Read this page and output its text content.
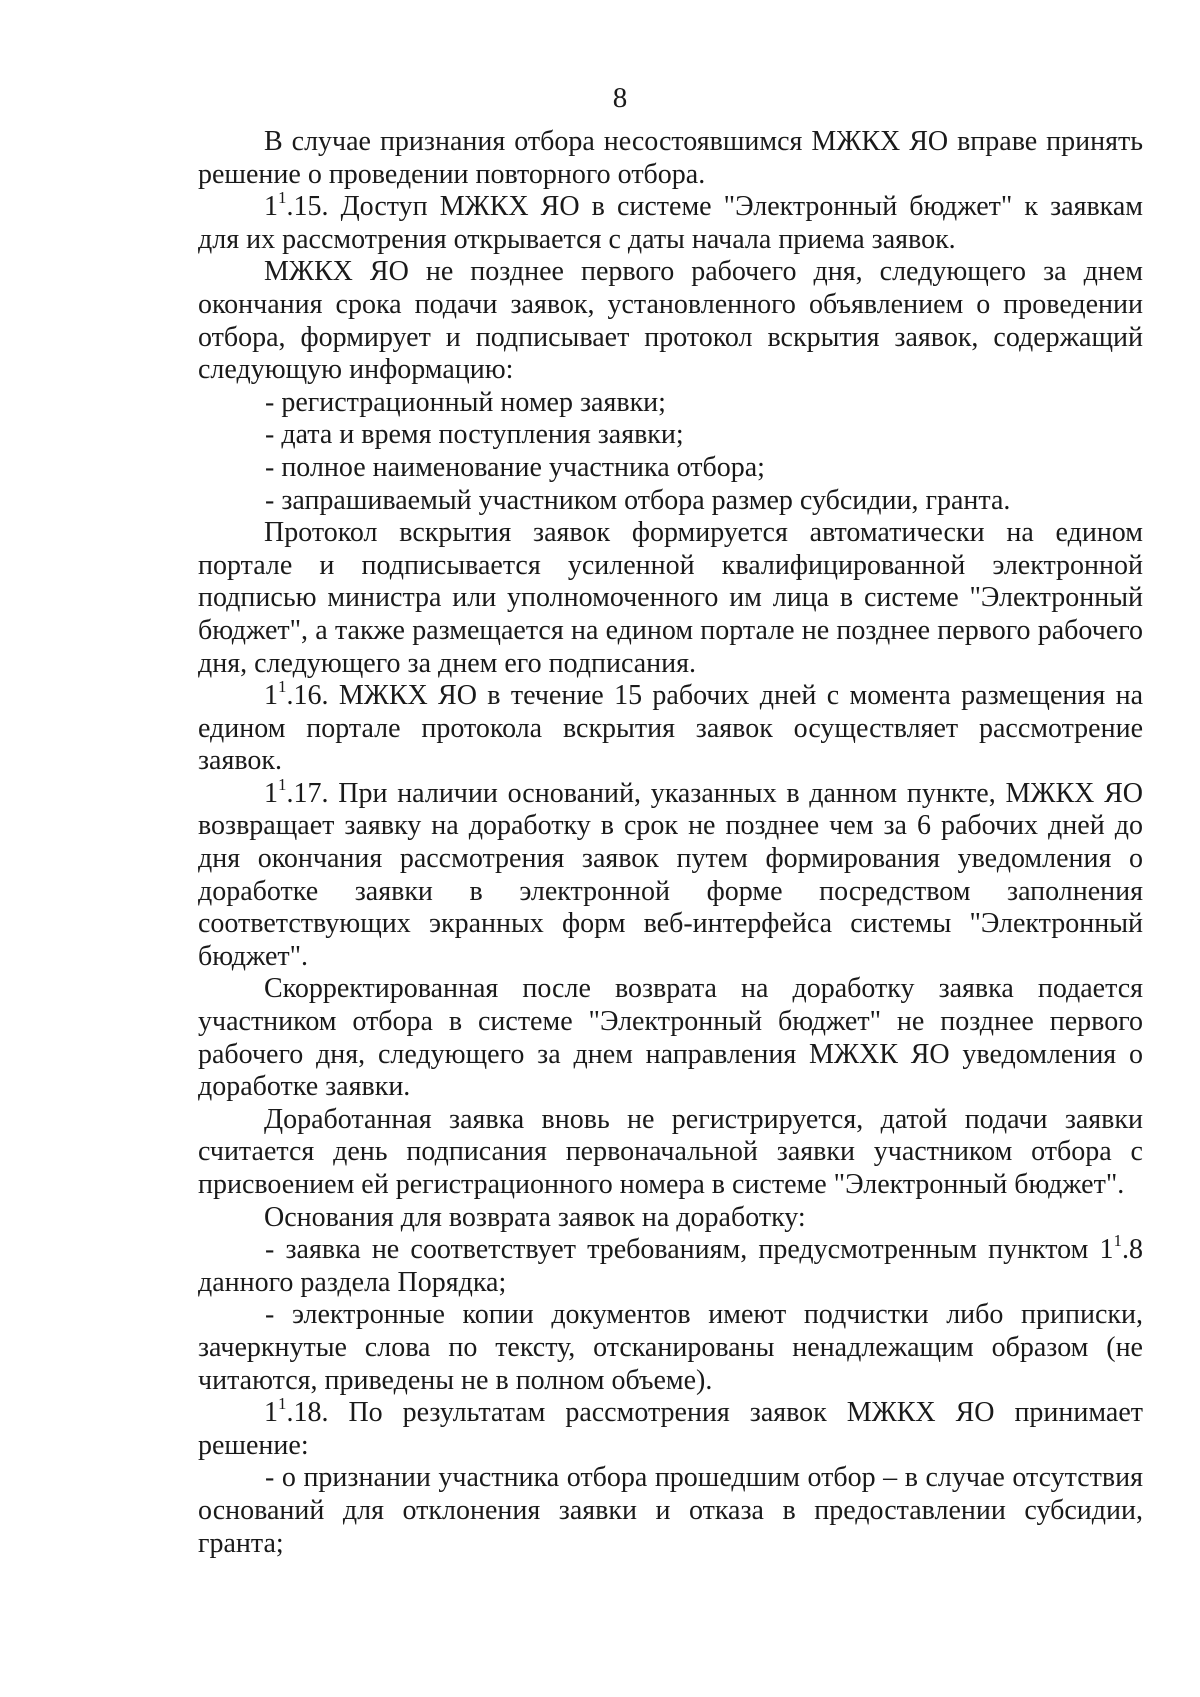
8

В случае признания отбора несостоявшимся МЖКХ ЯО вправе принять решение о проведении повторного отбора.

$1^1.15$. Доступ МЖКХ ЯО в системе "Электронный бюджет" к заявкам для их рассмотрения открывается с даты начала приема заявок.

МЖКХ ЯО не позднее первого рабочего дня, следующего за днем окончания срока подачи заявок, установленного объявлением о проведении отбора, формирует и подписывает протокол вскрытия заявок, содержащий следующую информацию:

- регистрационный номер заявки;

- дата и время поступления заявки;

- полное наименование участника отбора;

- запрашиваемый участником отбора размер субсидии, гранта.

Протокол вскрытия заявок формируется автоматически на едином портале и подписывается усиленной квалифицированной электронной подписью министра или уполномоченного им лица в системе "Электронный бюджет", а также размещается на едином портале не позднее первого рабочего дня, следующего за днем его подписания.

$1^1.16$. МЖКХ ЯО в течение 15 рабочих дней с момента размещения на едином портале протокола вскрытия заявок осуществляет рассмотрение заявок.

$1^1.17$. При наличии оснований, указанных в данном пункте, МЖКХ ЯО возвращает заявку на доработку в срок не позднее чем за 6 рабочих дней до дня окончания рассмотрения заявок путем формирования уведомления о доработке заявки в электронной форме посредством заполнения соответствующих экранных форм веб-интерфейса системы "Электронный бюджет".

Скорректированная после возврата на доработку заявка подается участником отбора в системе "Электронный бюджет" не позднее первого рабочего дня, следующего за днем направления МЖХК ЯО уведомления о доработке заявки.

Доработанная заявка вновь не регистрируется, датой подачи заявки считается день подписания первоначальной заявки участником отбора с присвоением ей регистрационного номера в системе "Электронный бюджет".

Основания для возврата заявок на доработку:

- заявка не соответствует требованиям, предусмотренным пунктом $1^1.8$ данного раздела Порядка;

- электронные копии документов имеют подчистки либо приписки, зачеркнутые слова по тексту, отсканированы ненадлежащим образом (не читаются, приведены не в полном объеме).

$1^1.18$. По результатам рассмотрения заявок МЖКХ ЯО принимает решение:

- о признании участника отбора прошедшим отбор – в случае отсутствия оснований для отклонения заявки и отказа в предоставлении субсидии, гранта;
